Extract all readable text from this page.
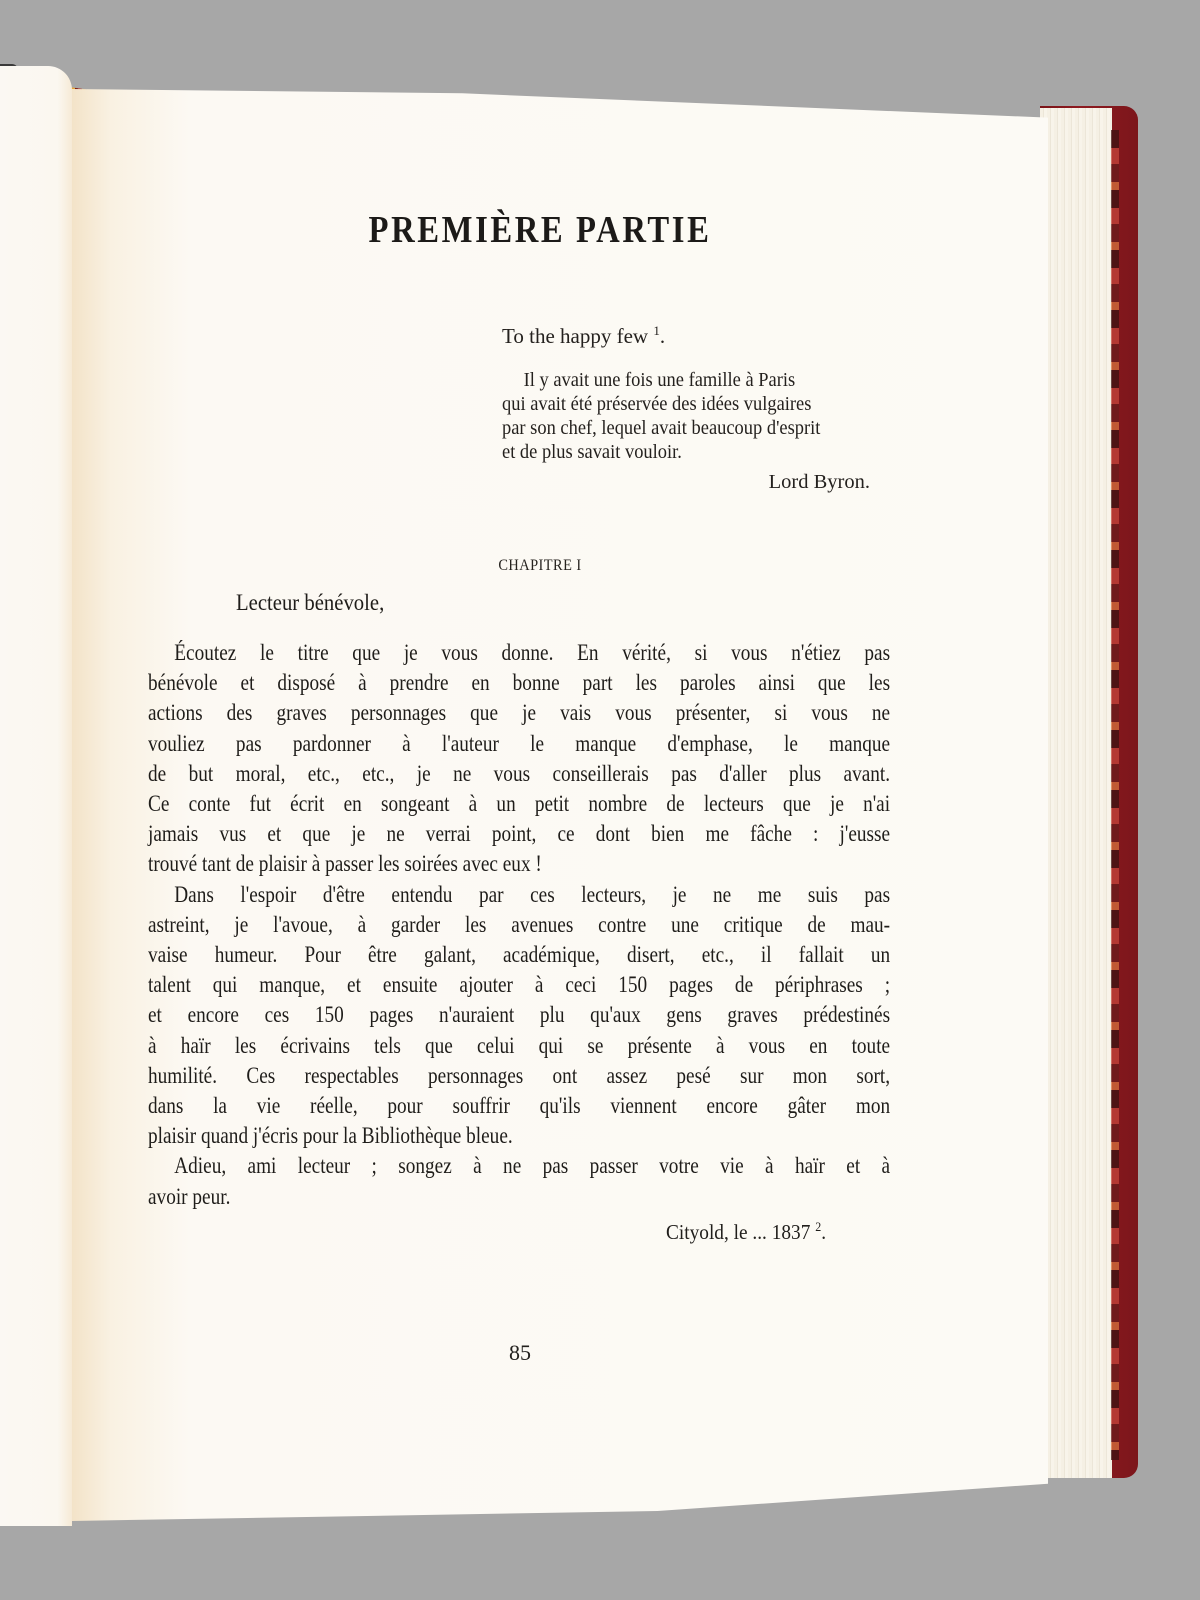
PREMIÈRE PARTIE
To the happy few $^1$.
Il y avait une fois une famille à Paris
qui avait été préservée des idées vulgaires
par son chef, lequel avait beaucoup d'esprit
et de plus savait vouloir.
Lord Byron.
CHAPITRE I
Lecteur bénévole,
Écoutez le titre que je vous donne. En vérité, si vous n'étiez pas
bénévole et disposé à prendre en bonne part les paroles ainsi que les
actions des graves personnages que je vais vous présenter, si vous ne
vouliez pas pardonner à l'auteur le manque d'emphase, le manque
de but moral, etc., etc., je ne vous conseillerais pas d'aller plus avant.
Ce conte fut écrit en songeant à un petit nombre de lecteurs que je n'ai
jamais vus et que je ne verrai point, ce dont bien me fâche : j'eusse
trouvé tant de plaisir à passer les soirées avec eux !
Dans l'espoir d'être entendu par ces lecteurs, je ne me suis pas
astreint, je l'avoue, à garder les avenues contre une critique de mau-
vaise humeur. Pour être galant, académique, disert, etc., il fallait un
talent qui manque, et ensuite ajouter à ceci 150 pages de périphrases ;
et encore ces 150 pages n'auraient plu qu'aux gens graves prédestinés
à haïr les écrivains tels que celui qui se présente à vous en toute
humilité. Ces respectables personnages ont assez pesé sur mon sort,
dans la vie réelle, pour souffrir qu'ils viennent encore gâter mon
plaisir quand j'écris pour la Bibliothèque bleue.
Adieu, ami lecteur ; songez à ne pas passer votre vie à haïr et à
avoir peur.
Cityold, le ... 1837 $^2$.
85
